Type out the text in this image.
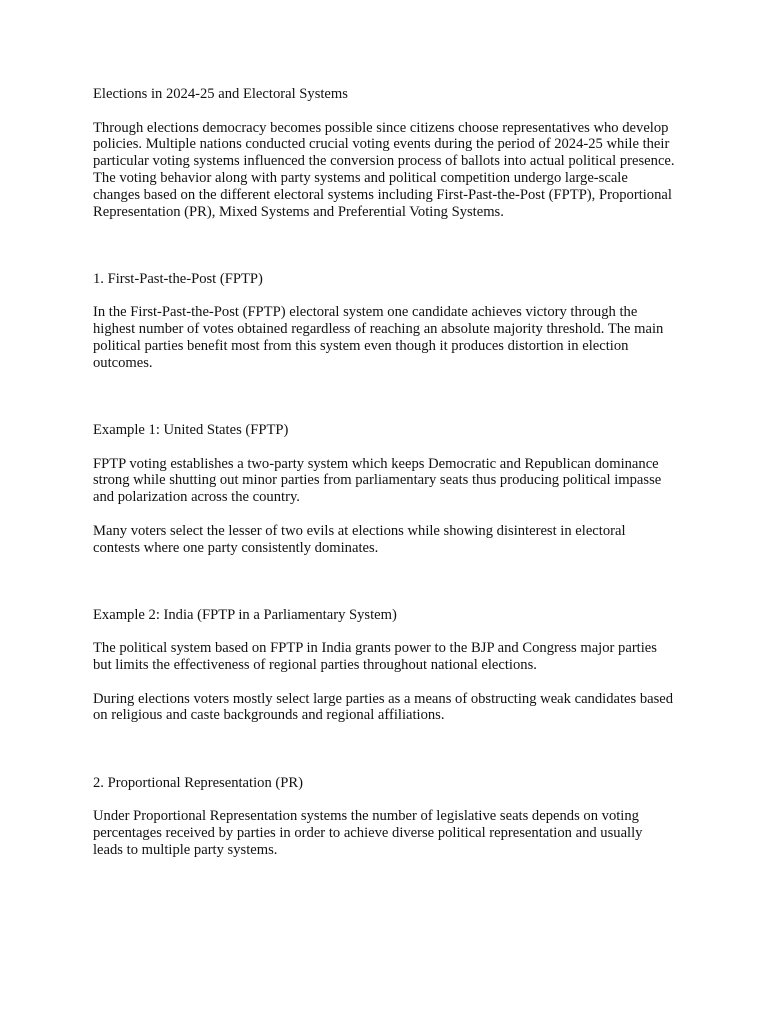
Elections in 2024-25 and Electoral Systems

Through elections democracy becomes possible since citizens choose representatives who develop policies. Multiple nations conducted crucial voting events during the period of 2024-25 while their particular voting systems influenced the conversion process of ballots into actual political presence. The voting behavior along with party systems and political competition undergo large-scale changes based on the different electoral systems including First-Past-the-Post (FPTP), Proportional Representation (PR), Mixed Systems and Preferential Voting Systems.

1. First-Past-the-Post (FPTP)

In the First-Past-the-Post (FPTP) electoral system one candidate achieves victory through the highest number of votes obtained regardless of reaching an absolute majority threshold. The main political parties benefit most from this system even though it produces distortion in election outcomes.

Example 1: United States (FPTP)

FPTP voting establishes a two-party system which keeps Democratic and Republican dominance strong while shutting out minor parties from parliamentary seats thus producing political impasse and polarization across the country.

Many voters select the lesser of two evils at elections while showing disinterest in electoral contests where one party consistently dominates.

Example 2: India (FPTP in a Parliamentary System)

The political system based on FPTP in India grants power to the BJP and Congress major parties but limits the effectiveness of regional parties throughout national elections.

During elections voters mostly select large parties as a means of obstructing weak candidates based on religious and caste backgrounds and regional affiliations.

2. Proportional Representation (PR)

Under Proportional Representation systems the number of legislative seats depends on voting percentages received by parties in order to achieve diverse political representation and usually leads to multiple party systems.
